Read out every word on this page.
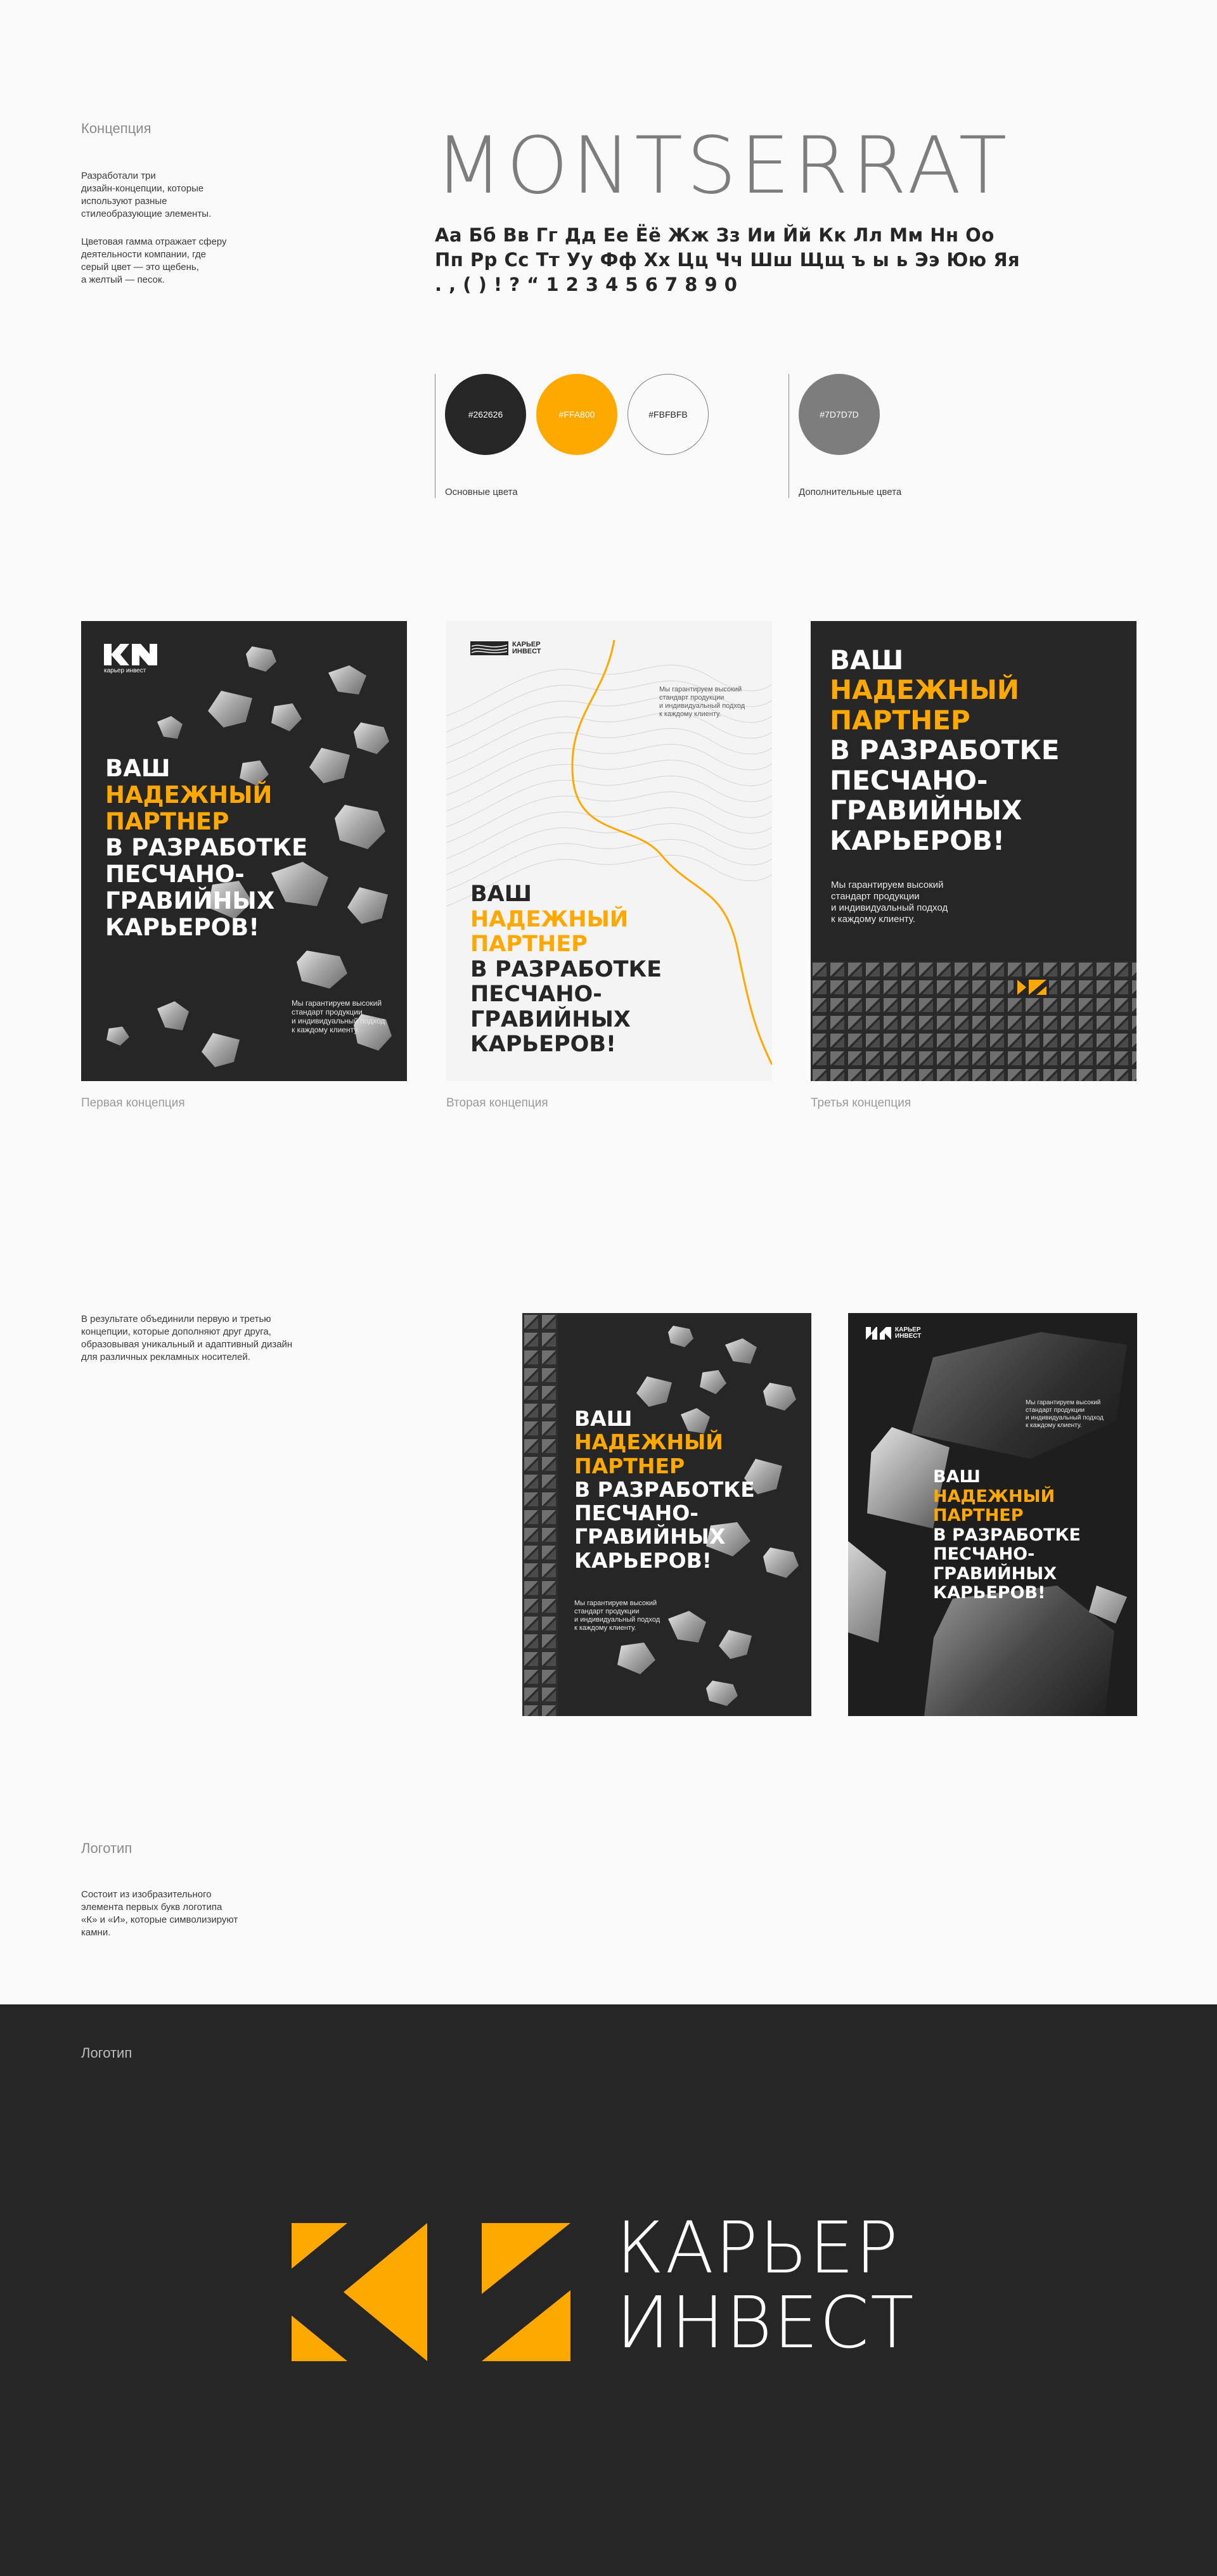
Концепция
Разработали три
дизайн-концепции, которые
используют разные
стилеобразующие элементы.
Цветовая гамма отражает сферу
деятельности компании, где
серый цвет — это щебень,
а желтый — песок.
MONTSERRAT
Аа Бб Вв Гг Дд Ее Ёё Жж Зз Ии Йй Кк Лл Мм Нн Оо
Пп Рр Сс Тт Уу Фф Хх Цц Чч Шш Щщ ъ ы ь Ээ Юю Яя
. , ( ) ! ? “ 1 2 3 4 5 6 7 8 9 0
#262626	#FFA800	#FBFBFB
Основные цвета
#7D7D7D
Дополнительные цвета
карьер инвест
ВАШ
НАДЕЖНЫЙ
ПАРТНЕР
В РАЗРАБОТКЕ
ПЕСЧАНО-
ГРАВИЙНЫХ
КАРЬЕРОВ!
Мы гарантируем высокий
стандарт продукции
и индивидуальный подход
к каждому клиенту.
Первая концепция
КАРЬЕР
ИНВЕСТ
Мы гарантируем высокий
стандарт продукции
и индивидуальный подход
к каждому клиенту.
ВАШ
НАДЕЖНЫЙ
ПАРТНЕР
В РАЗРАБОТКЕ
ПЕСЧАНО-
ГРАВИЙНЫХ
КАРЬЕРОВ!
Вторая концепция
ВАШ
НАДЕЖНЫЙ
ПАРТНЕР
В РАЗРАБОТКЕ
ПЕСЧАНО-
ГРАВИЙНЫХ
КАРЬЕРОВ!
Мы гарантируем высокий
стандарт продукции
и индивидуальный подход
к каждому клиенту.
Третья концепция
В результате объединили первую и третью
концепции, которые дополняют друг друга,
образовывая уникальный и адаптивный дизайн
для различных рекламных носителей.
ВАШ
НАДЕЖНЫЙ
ПАРТНЕР
В РАЗРАБОТКЕ
ПЕСЧАНО-
ГРАВИЙНЫХ
КАРЬЕРОВ!
Мы гарантируем высокий
стандарт продукции
и индивидуальный подход
к каждому клиенту.
КАРЬЕР
ИНВЕСТ
Мы гарантируем высокий
стандарт продукции
и индивидуальный подход
к каждому клиенту.
ВАШ
НАДЕЖНЫЙ
ПАРТНЕР
В РАЗРАБОТКЕ
ПЕСЧАНО-
ГРАВИЙНЫХ
КАРЬЕРОВ!
Логотип
Состоит из изобразительного
элемента первых букв логотипа
«К» и «И», которые символизируют
камни.
Логотип
КАРЬЕР
ИНВЕСТ
